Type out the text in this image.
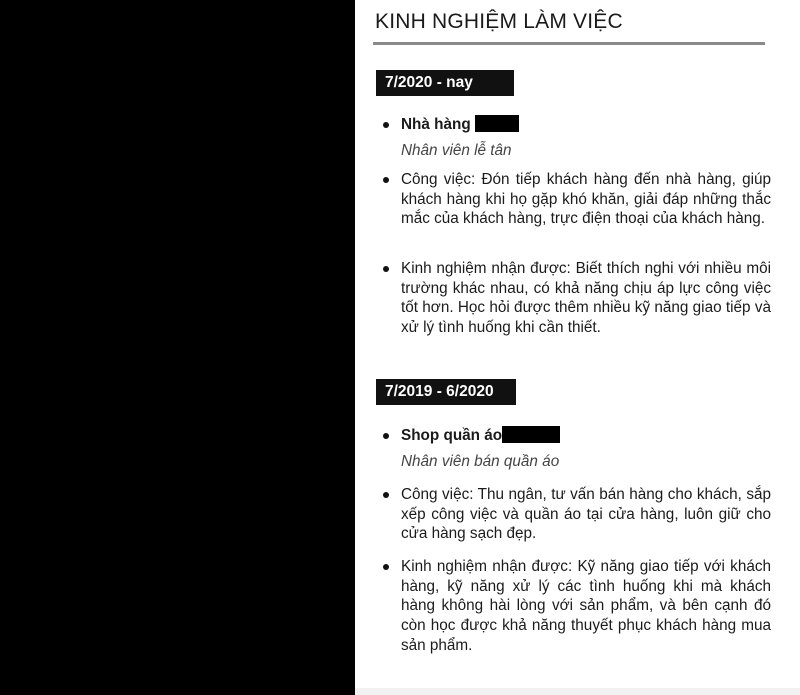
KINH NGHIỆM LÀM VIỆC
7/2020 - nay
Nhà hàng
Nhân viên lễ tân
Công việc: Đón tiếp khách hàng đến nhà hàng, giúp khách hàng khi họ gặp khó khăn, giải đáp những thắc mắc của khách hàng, trực điện thoại của khách hàng.
Kinh nghiệm nhận được: Biết thích nghi với nhiều môi trường khác nhau, có khả năng chịu áp lực công việc tốt hơn. Học hỏi được thêm nhiều kỹ năng giao tiếp và xử lý tình huống khi cần thiết.
7/2019 - 6/2020
Shop quần áo
Nhân viên bán quần áo
Công việc: Thu ngân, tư vấn bán hàng cho khách, sắp xếp công việc và quần áo tại cửa hàng, luôn giữ cho cửa hàng sạch đẹp.
Kinh nghiệm nhận được: Kỹ năng giao tiếp với khách hàng, kỹ năng xử lý các tình huống khi mà khách hàng không hài lòng với sản phẩm, và bên cạnh đó còn học được khả năng thuyết phục khách hàng mua sản phẩm.
